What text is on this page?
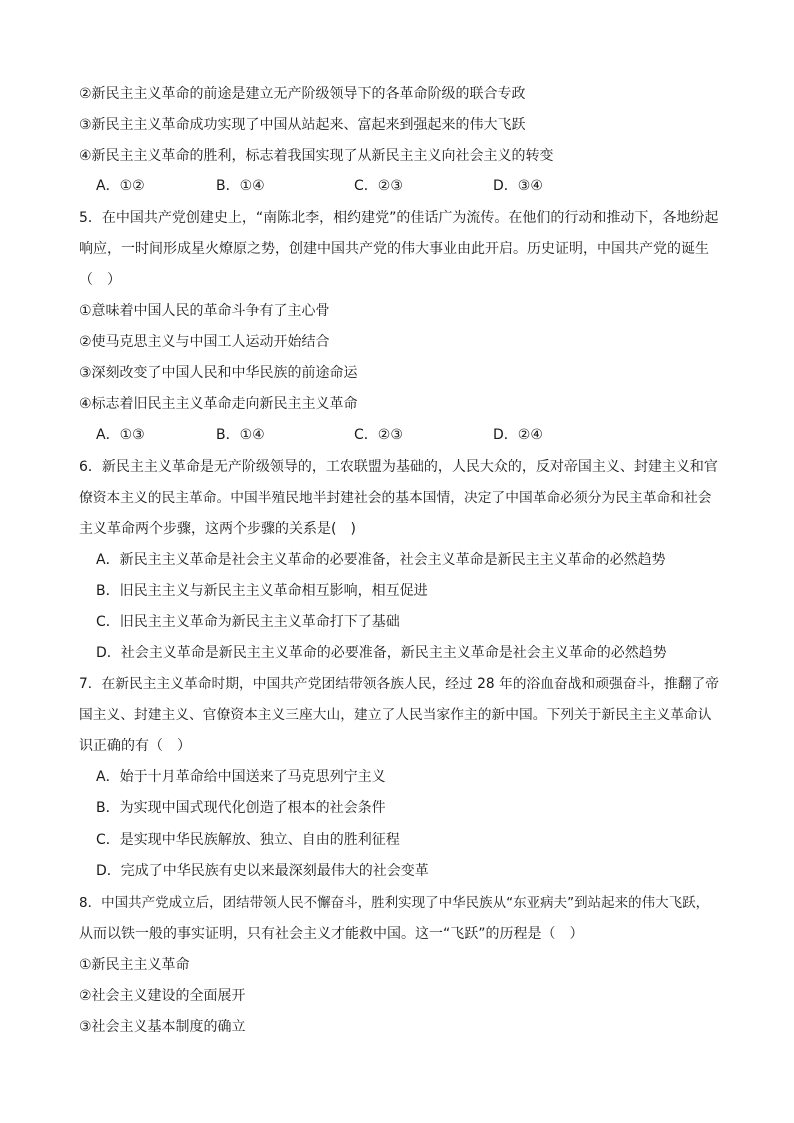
②新民主主义革命的前途是建立无产阶级领导下的各革命阶级的联合专政
③新民主主义革命成功实现了中国从站起来、富起来到强起来的伟大飞跃
④新民主主义革命的胜利，标志着我国实现了从新民主主义向社会主义的转变
A．①②	B．①④	C．②③	D．③④
5．在中国共产党创建史上，“南陈北李，相约建党”的佳话广为流传。在他们的行动和推动下，各地纷起
响应，一时间形成星火燎原之势，创建中国共产党的伟大事业由此开启。历史证明，中国共产党的诞生
（　）
①意味着中国人民的革命斗争有了主心骨
②使马克思主义与中国工人运动开始结合
③深刻改变了中国人民和中华民族的前途命运
④标志着旧民主主义革命走向新民主主义革命
A．①③	B．①④	C．②③	D．②④
6．新民主主义革命是无产阶级领导的，工农联盟为基础的，人民大众的，反对帝国主义、封建主义和官
僚资本主义的民主革命。中国半殖民地半封建社会的基本国情，决定了中国革命必须分为民主革命和社会
主义革命两个步骤，这两个步骤的关系是(　)
A．新民主主义革命是社会主义革命的必要准备，社会主义革命是新民主主义革命的必然趋势
B．旧民主主义与新民主主义革命相互影响，相互促进
C．旧民主主义革命为新民主主义革命打下了基础
D．社会主义革命是新民主主义革命的必要准备，新民主主义革命是社会主义革命的必然趋势
7．在新民主主义革命时期，中国共产党团结带领各族人民，经过 28 年的浴血奋战和顽强奋斗，推翻了帝
国主义、封建主义、官僚资本主义三座大山，建立了人民当家作主的新中国。下列关于新民主主义革命认
识正确的有（　）
A．始于十月革命给中国送来了马克思列宁主义
B．为实现中国式现代化创造了根本的社会条件
C．是实现中华民族解放、独立、自由的胜利征程
D．完成了中华民族有史以来最深刻最伟大的社会变革
8．中国共产党成立后，团结带领人民不懈奋斗，胜利实现了中华民族从“东亚病夫”到站起来的伟大飞跃，
从而以铁一般的事实证明，只有社会主义才能救中国。这一“飞跃”的历程是（　）
①新民主主义革命
②社会主义建设的全面展开
③社会主义基本制度的确立
